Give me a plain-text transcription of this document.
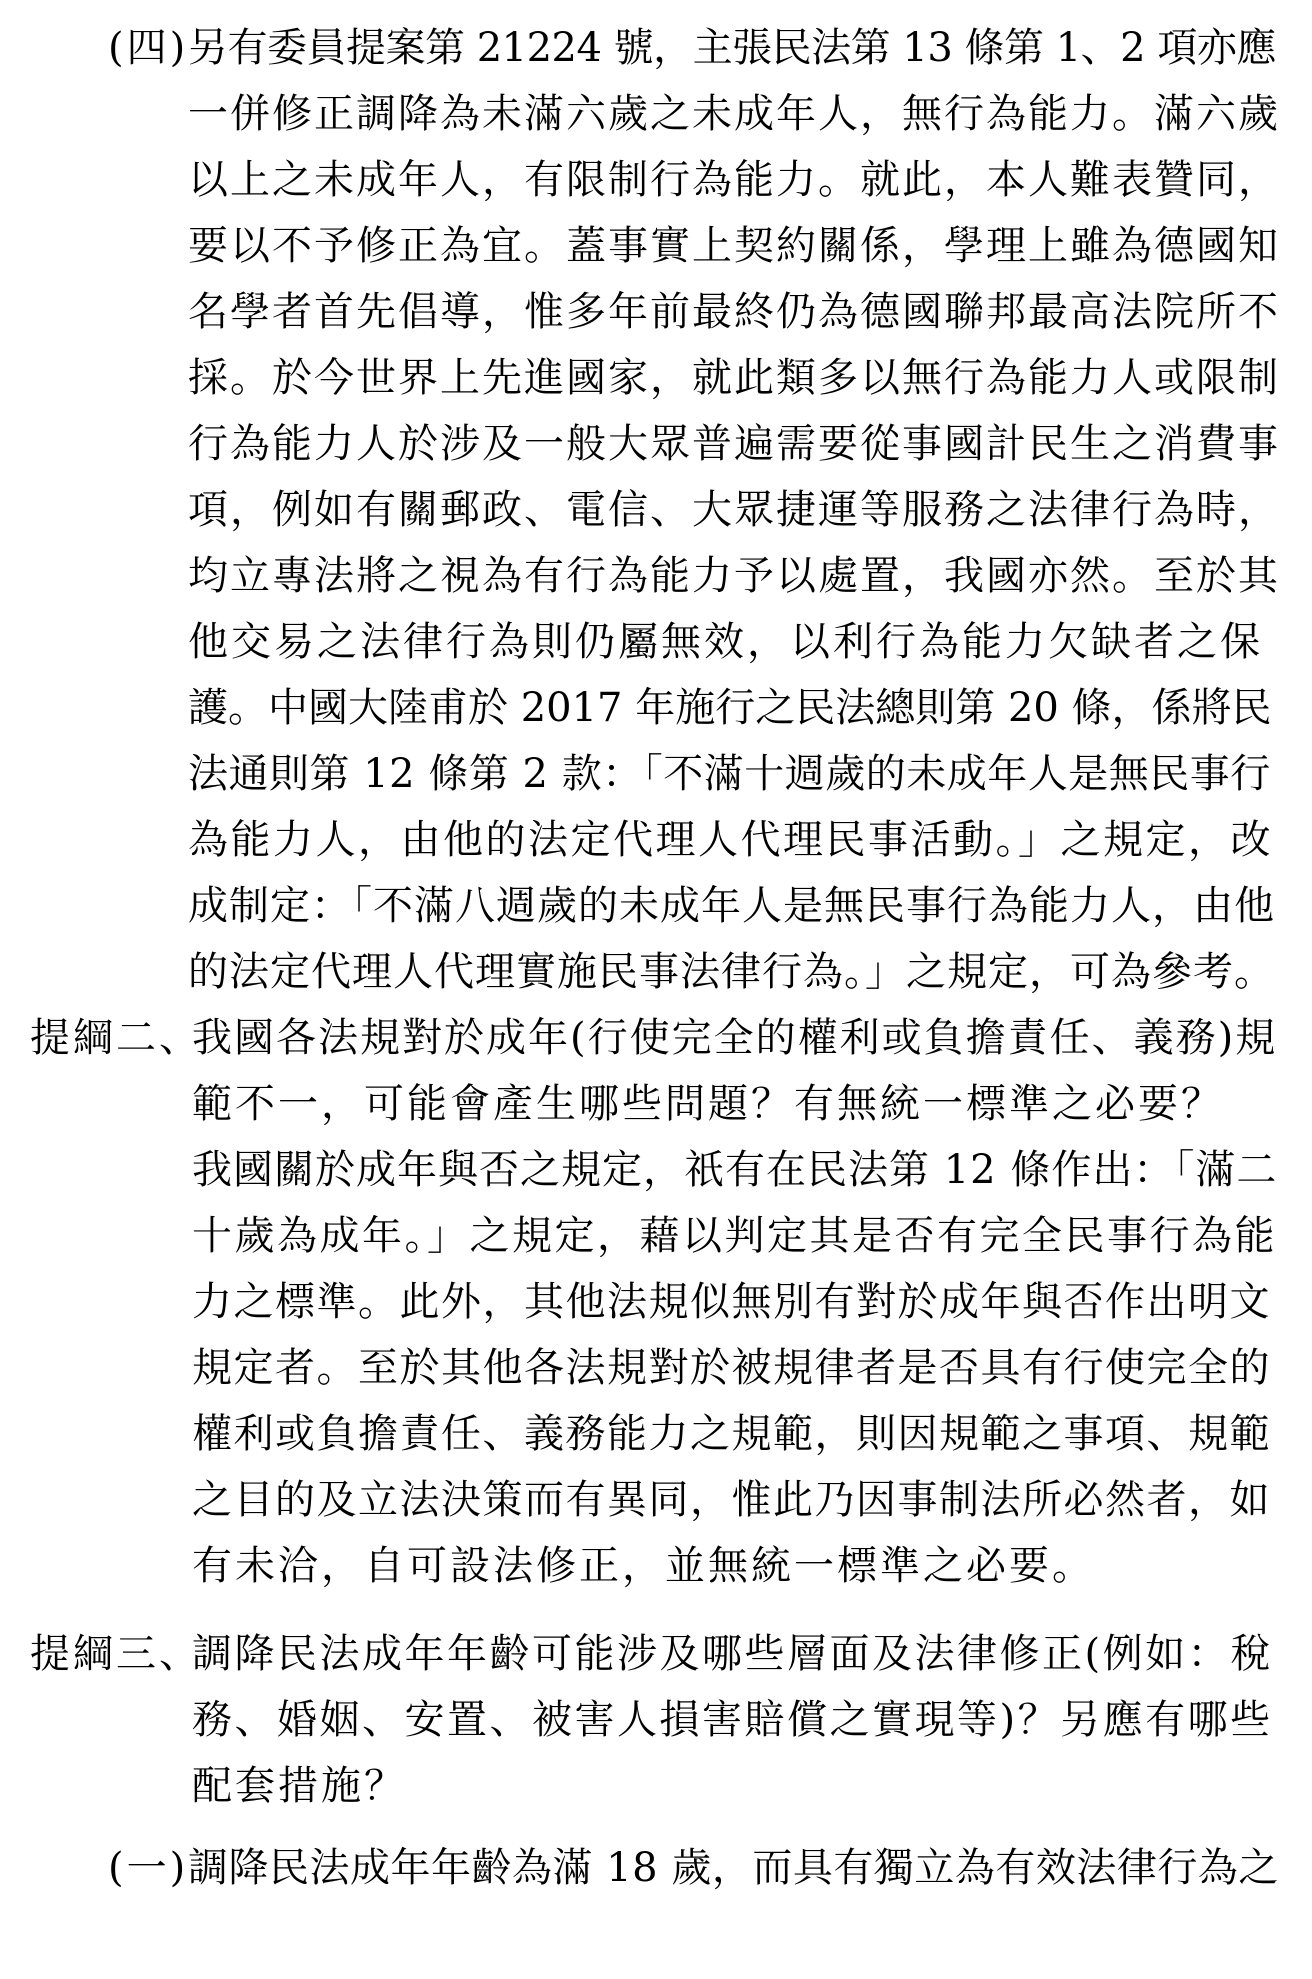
(四) 另有委員提案第 21224 號，主張民法第 13 條第 1、2 項亦應
一併修正調降為未滿六歲之未成年人，無行為能力。滿六歲
以上之未成年人，有限制行為能力。就此，本人難表贊同，
要以不予修正為宜。蓋事實上契約關係，學理上雖為德國知
名學者首先倡導，惟多年前最終仍為德國聯邦最高法院所不
採。於今世界上先進國家，就此類多以無行為能力人或限制
行為能力人於涉及一般大眾普遍需要從事國計民生之消費事
項，例如有關郵政、電信、大眾捷運等服務之法律行為時，
均立專法將之視為有行為能力予以處置，我國亦然。至於其
他交易之法律行為則仍屬無效，以利行為能力欠缺者之保
護。中國大陸甫於 2017 年施行之民法總則第 20 條，係將民
法通則第 12 條第 2 款：「不滿十週歲的未成年人是無民事行
為能力人，由他的法定代理人代理民事活動。」之規定，改
成制定：「不滿八週歲的未成年人是無民事行為能力人，由他
的法定代理人代理實施民事法律行為。」之規定，可為參考。
提綱二、
我國各法規對於成年(行使完全的權利或負擔責任、義務)規
範不一，可能會產生哪些問題？有無統一標準之必要？
我國關於成年與否之規定，祇有在民法第 12 條作出：「滿二
十歲為成年。」之規定，藉以判定其是否有完全民事行為能
力之標準。此外，其他法規似無別有對於成年與否作出明文
規定者。至於其他各法規對於被規律者是否具有行使完全的
權利或負擔責任、義務能力之規範，則因規範之事項、規範
之目的及立法決策而有異同，惟此乃因事制法所必然者，如
有未洽，自可設法修正，並無統一標準之必要。
提綱三、
調降民法成年年齡可能涉及哪些層面及法律修正(例如：稅
務、婚姻、安置、被害人損害賠償之實現等)？另應有哪些
配套措施？
(一) 調降民法成年年齡為滿 18 歲，而具有獨立為有效法律行為之
